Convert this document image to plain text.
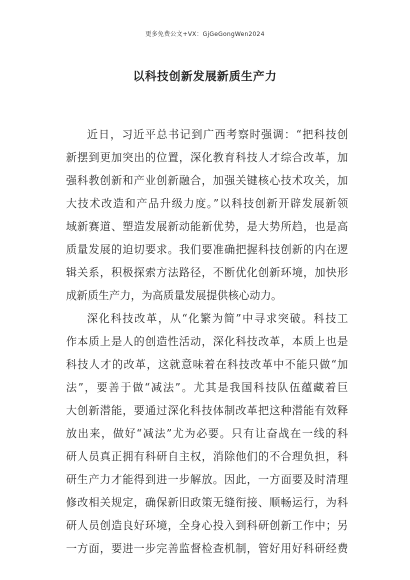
更多免费公文+VX：GjGeGongWen2024
以科技创新发展新质生产力
近日，习近平总书记到广西考察时强调：“把科技创
新摆到更加突出的位置，深化教育科技人才综合改革，加
强科教创新和产业创新融合，加强关键核心技术攻关，加
大技术改造和产品升级力度。”以科技创新开辟发展新领
域新赛道、塑造发展新动能新优势，是大势所趋，也是高
质量发展的迫切要求。我们要准确把握科技创新的内在逻
辑关系，积极探索方法路径，不断优化创新环境，加快形
成新质生产力，为高质量发展提供核心动力。
深化科技改革，从“化繁为简”中寻求突破。科技工
作本质上是人的创造性活动，深化科技改革，本质上也是
科技人才的改革，这就意味着在科技改革中不能只做“加
法”，要善于做“减法”。尤其是我国科技队伍蕴藏着巨
大创新潜能，要通过深化科技体制改革把这种潜能有效释
放出来，做好“减法”尤为必要。只有让奋战在一线的科
研人员真正拥有科研自主权，消除他们的不合理负担，科
研生产力才能得到进一步解放。因此，一方面要及时清理
修改相关规定，确保新旧政策无缝衔接、顺畅运行，为科
研人员创造良好环境，全身心投入到科研创新工作中；另
一方面，要进一步完善监督检查机制，管好用好科研经费
